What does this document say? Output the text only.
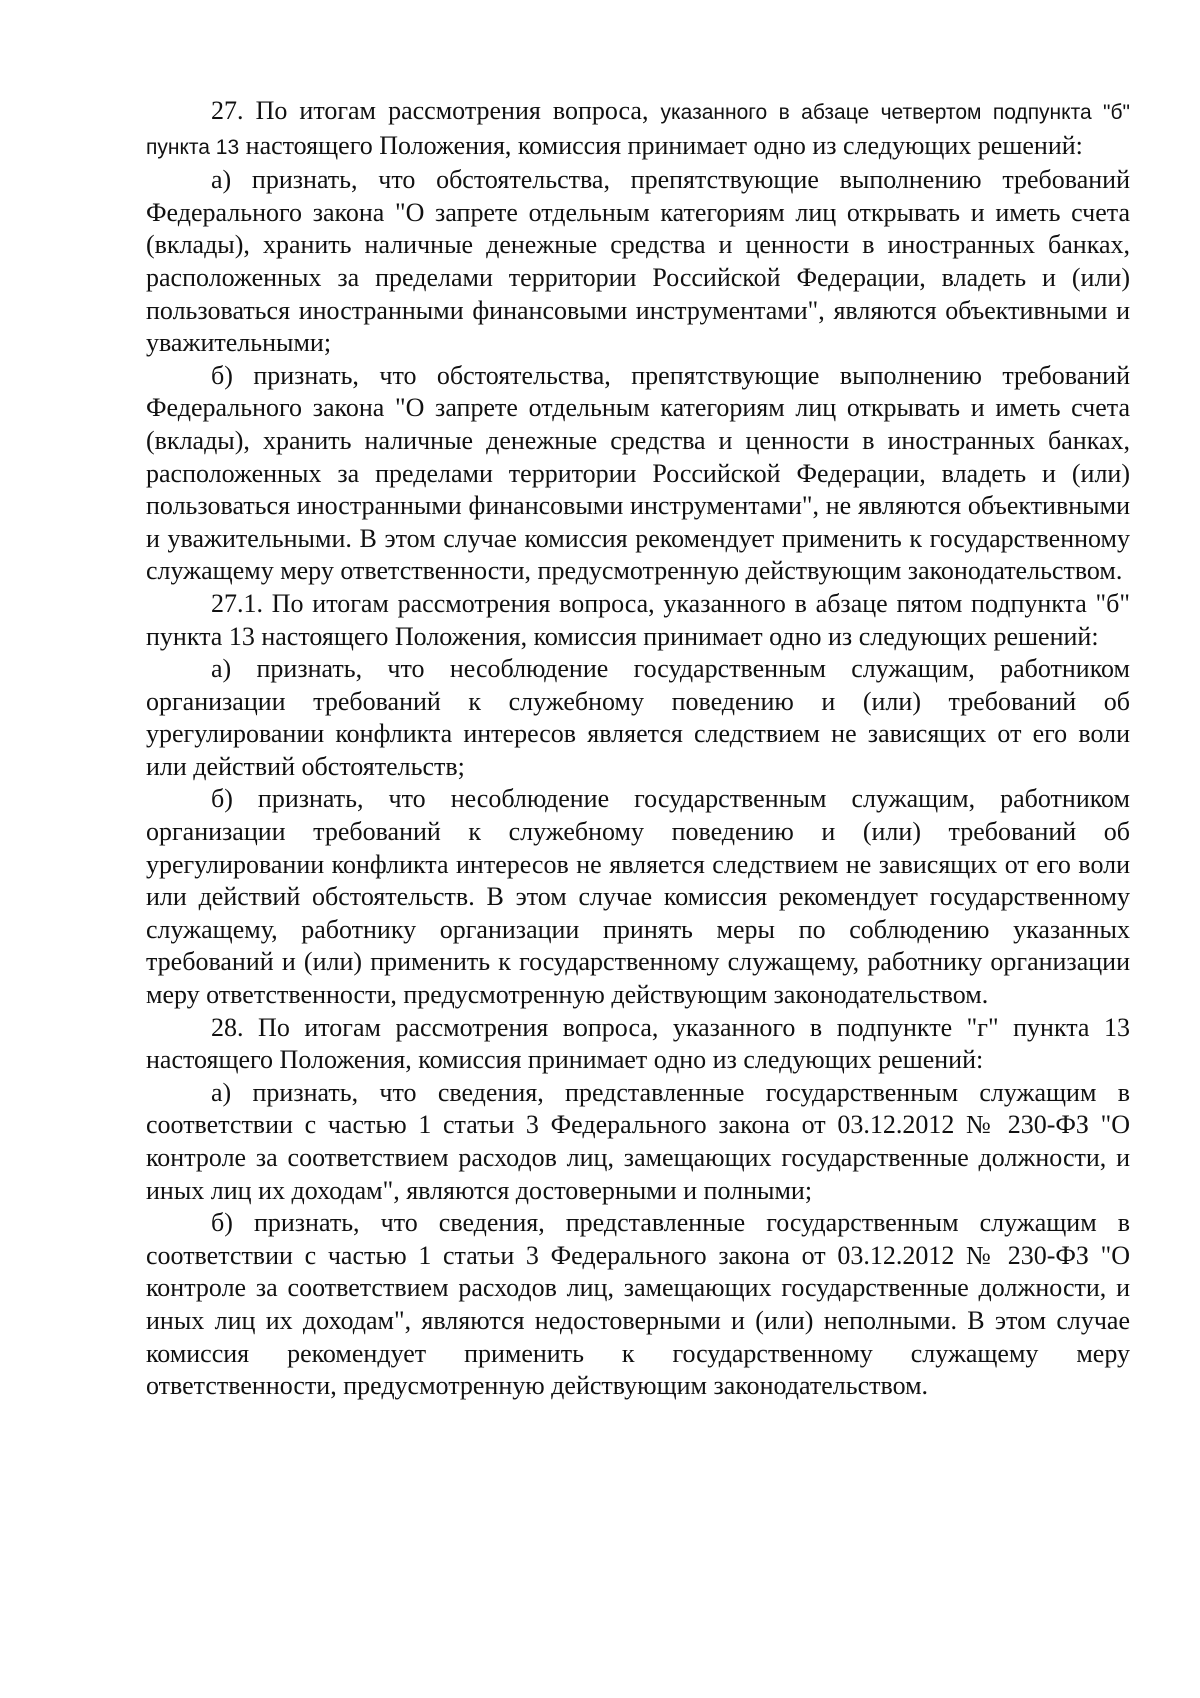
27. По итогам рассмотрения вопроса, указанного в абзаце четвертом подпункта "б" пункта 13 настоящего Положения, комиссия принимает одно из следующих решений:

а) признать, что обстоятельства, препятствующие выполнению требований Федерального закона "О запрете отдельным категориям лиц открывать и иметь счета (вклады), хранить наличные денежные средства и ценности в иностранных банках, расположенных за пределами территории Российской Федерации, владеть и (или) пользоваться иностранными финансовыми инструментами", являются объективными и уважительными;

б) признать, что обстоятельства, препятствующие выполнению требований Федерального закона "О запрете отдельным категориям лиц открывать и иметь счета (вклады), хранить наличные денежные средства и ценности в иностранных банках, расположенных за пределами территории Российской Федерации, владеть и (или) пользоваться иностранными финансовыми инструментами", не являются объективными и уважительными. В этом случае комиссия рекомендует применить к государственному служащему меру ответственности, предусмотренную действующим законодательством.

27.1. По итогам рассмотрения вопроса, указанного в абзаце пятом подпункта "б" пункта 13 настоящего Положения, комиссия принимает одно из следующих решений:

а) признать, что несоблюдение государственным служащим, работником организации требований к служебному поведению и (или) требований об урегулировании конфликта интересов является следствием не зависящих от его воли или действий обстоятельств;

б) признать, что несоблюдение государственным служащим, работником организации требований к служебному поведению и (или) требований об урегулировании конфликта интересов не является следствием не зависящих от его воли или действий обстоятельств. В этом случае комиссия рекомендует государственному служащему, работнику организации принять меры по соблюдению указанных требований и (или) применить к государственному служащему, работнику организации меру ответственности, предусмотренную действующим законодательством.

28. По итогам рассмотрения вопроса, указанного в подпункте "г" пункта 13 настоящего Положения, комиссия принимает одно из следующих решений:

а) признать, что сведения, представленные государственным служащим в соответствии с частью 1 статьи 3 Федерального закона от 03.12.2012 № 230-ФЗ "О контроле за соответствием расходов лиц, замещающих государственные должности, и иных лиц их доходам", являются достоверными и полными;

б) признать, что сведения, представленные государственным служащим в соответствии с частью 1 статьи 3 Федерального закона от 03.12.2012 № 230-ФЗ "О контроле за соответствием расходов лиц, замещающих государственные должности, и иных лиц их доходам", являются недостоверными и (или) неполными. В этом случае комиссия рекомендует применить к государственному служащему меру ответственности, предусмотренную действующим законодательством.
